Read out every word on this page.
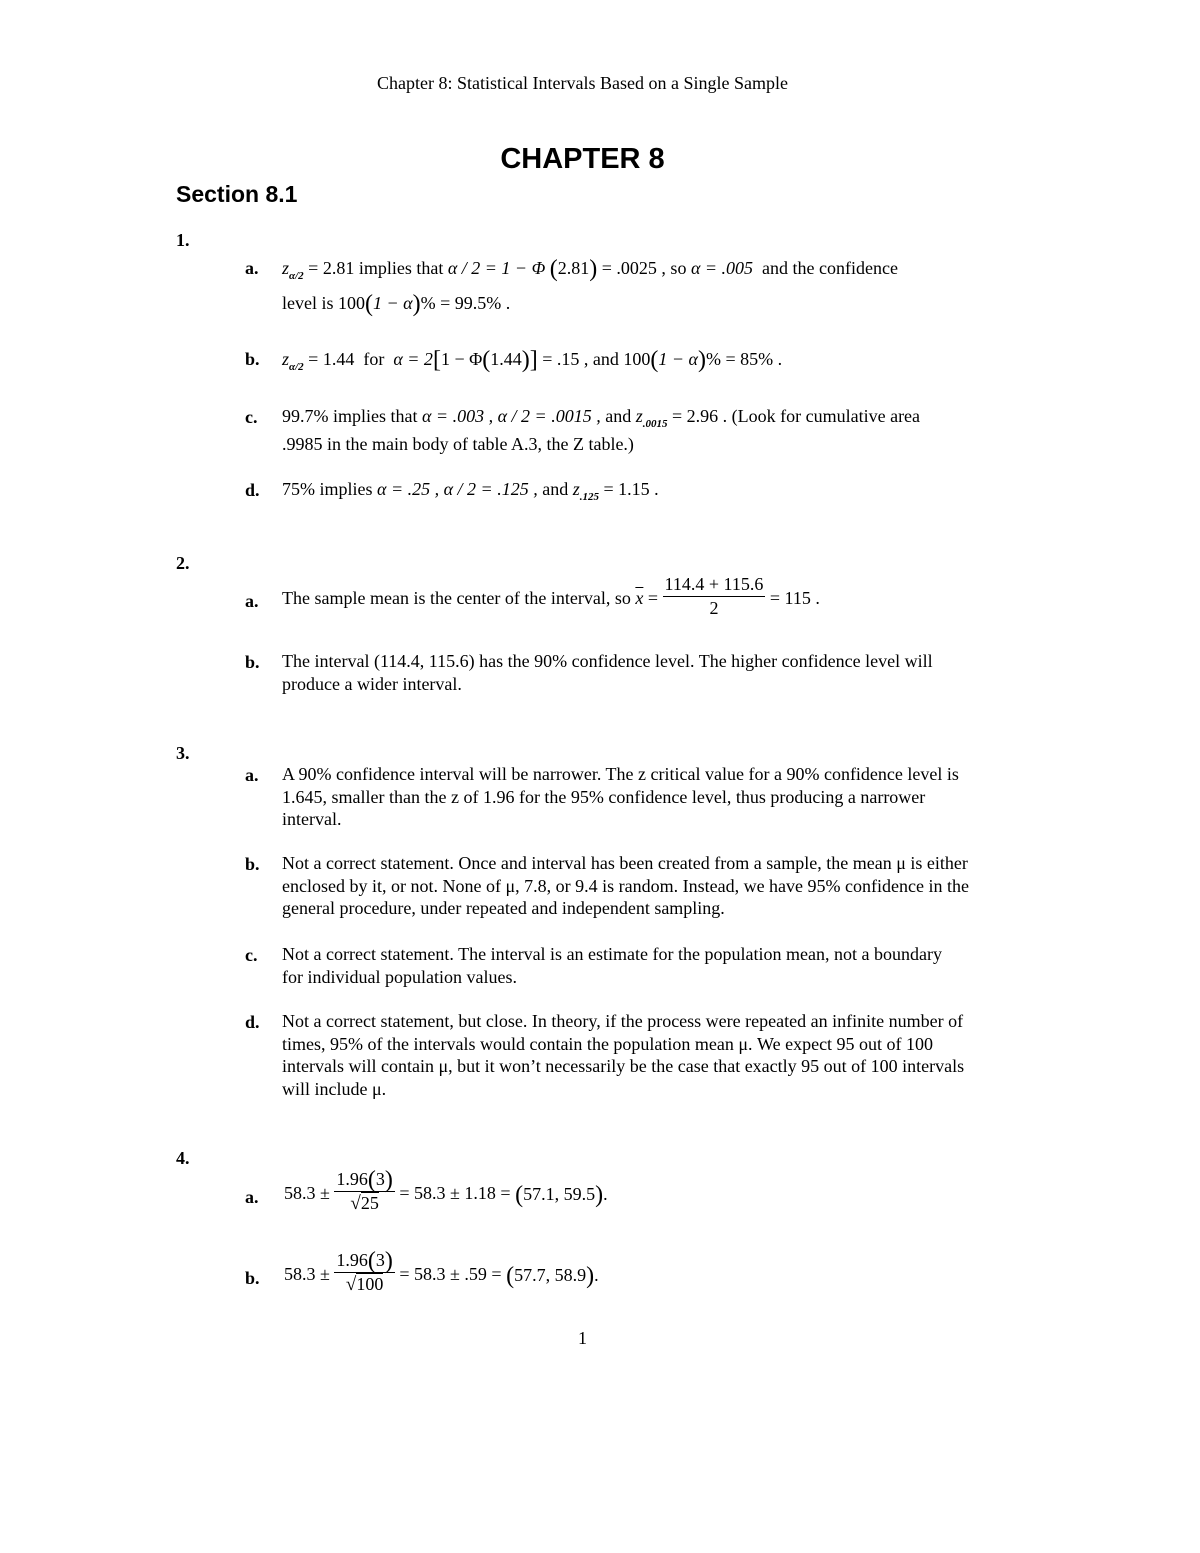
Chapter 8: Statistical Intervals Based on a Single Sample
CHAPTER 8
Section 8.1
1.
a. $z_{\alpha/2} = 2.81$ implies that α / 2 = 1 − Φ (2.81) = .0025 , so α = .005 and the confidence
level is 100(1 − α)% = 99.5% .
b. $z_{\alpha/2} = 1.44$ for α = 2[1 − Φ(1.44)] = .15 , and 100(1 − α)% = 85% .
c. 99.7% implies that α = .003 , α / 2 = .0015 , and $z_{.0015} = 2.96$ . (Look for cumulative area
.9985 in the main body of table A.3, the Z table.)
d. 75% implies α = .25 , α / 2 = .125 , and $z_{.125} = 1.15$ .
2.
a. The sample mean is the center of the interval, so $\overline{x} = \frac{114.4 + 115.6}{2} = 115$ .
b. The interval (114.4, 115.6) has the 90% confidence level. The higher confidence level will produce a wider interval.
3.
a. A 90% confidence interval will be narrower. The z critical value for a 90% confidence level is 1.645, smaller than the z of 1.96 for the 95% confidence level, thus producing a narrower interval.
b. Not a correct statement. Once and interval has been created from a sample, the mean μ is either enclosed by it, or not. None of μ, 7.8, or 9.4 is random. Instead, we have 95% confidence in the general procedure, under repeated and independent sampling.
c. Not a correct statement. The interval is an estimate for the population mean, not a boundary for individual population values.
d. Not a correct statement, but close. In theory, if the process were repeated an infinite number of times, 95% of the intervals would contain the population mean μ. We expect 95 out of 100 intervals will contain μ, but it won’t necessarily be the case that exactly 95 out of 100 intervals will include μ.
4.
a. $58.3 \pm \frac{1.96(3)}{√25} = 58.3 \pm 1.18 = (57.1$, 59.5).
b. $58.3 \pm \frac{1.96(3)}{√100} = 58.3 \pm .59 = (57.7$, 58.9).
1
